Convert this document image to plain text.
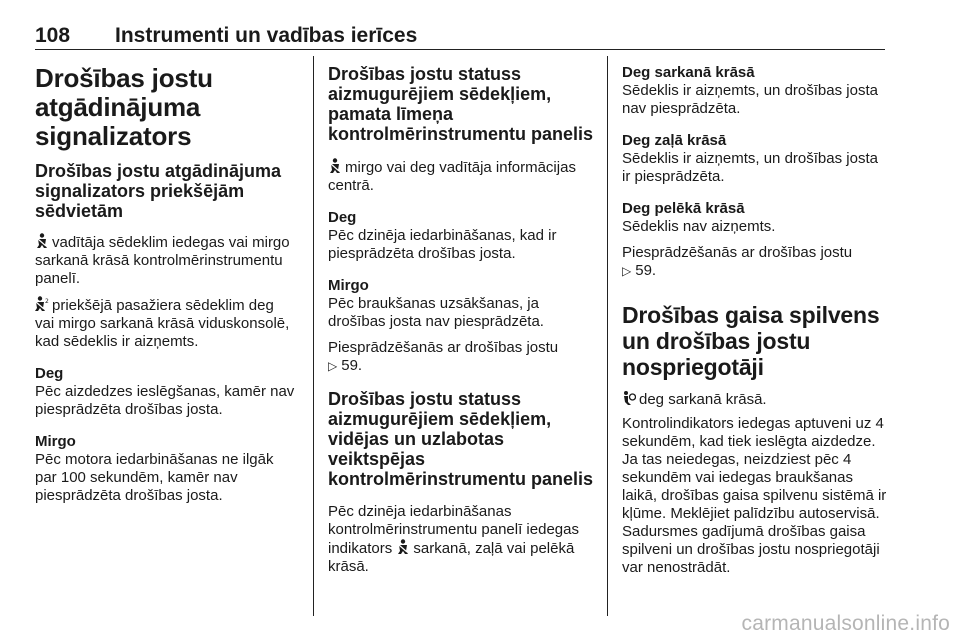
108 Instrumenti un vadības ierīces
Drošības jostu atgādinājuma signalizators
Drošības jostu atgādinājuma signalizators priekšējām sēdvietām

vadītāja sēdeklim iedegas vai mirgo sarkanā krāsā kontrolmērinstrumentu panelī.

2 priekšējā pasažiera sēdeklim deg vai mirgo sarkanā krāsā viduskonsolē, kad sēdeklis ir aizņemts.

Deg

Pēc aizdedzes ieslēgšanas, kamēr nav piesprādzēta drošības josta.

Mirgo

Pēc motora iedarbināšanas ne ilgāk par 100 sekundēm, kamēr nav piesprādzēta drošības josta.

Drošības jostu statuss aizmugurējiem sēdekļiem, pamata līmeņa kontrolmērinstrumentu panelis

mirgo vai deg vadītāja informācijas centrā.

Deg

Pēc dzinēja iedarbināšanas, kad ir piesprādzēta drošības josta.

Mirgo

Pēc braukšanas uzsākšanas, ja drošības josta nav piesprādzēta.

Piesprādzēšanās ar drošības jostu
▷ 59.

Drošības jostu statuss aizmugurējiem sēdekļiem, vidējas un uzlabotas veiktspējas kontrolmērinstrumentu panelis

Pēc dzinēja iedarbināšanas kontrolmērinstrumentu panelī iedegas indikators sarkanā, zaļā vai pelēkā krāsā.

Deg sarkanā krāsā

Sēdeklis ir aizņemts, un drošības josta nav piesprādzēta.

Deg zaļā krāsā

Sēdeklis ir aizņemts, un drošības josta ir piesprādzēta.

Deg pelēkā krāsā

Sēdeklis nav aizņemts.

Piesprādzēšanās ar drošības jostu
▷ 59.

Drošības gaisa spilvens un drošības jostu nospriegotāji

deg sarkanā krāsā.

Kontrolindikators iedegas aptuveni uz 4 sekundēm, kad tiek ieslēgta aizdedze. Ja tas neiedegas, neizdziest pēc 4 sekundēm vai iedegas braukšanas laikā, drošības gaisa spilvenu sistēmā ir kļūme. Meklējiet palīdzību autoservisā. Sadursmes gadījumā drošības gaisa spilveni un drošības jostu nospriegotāji var nenostrādāt.

carmanualsonline.info
